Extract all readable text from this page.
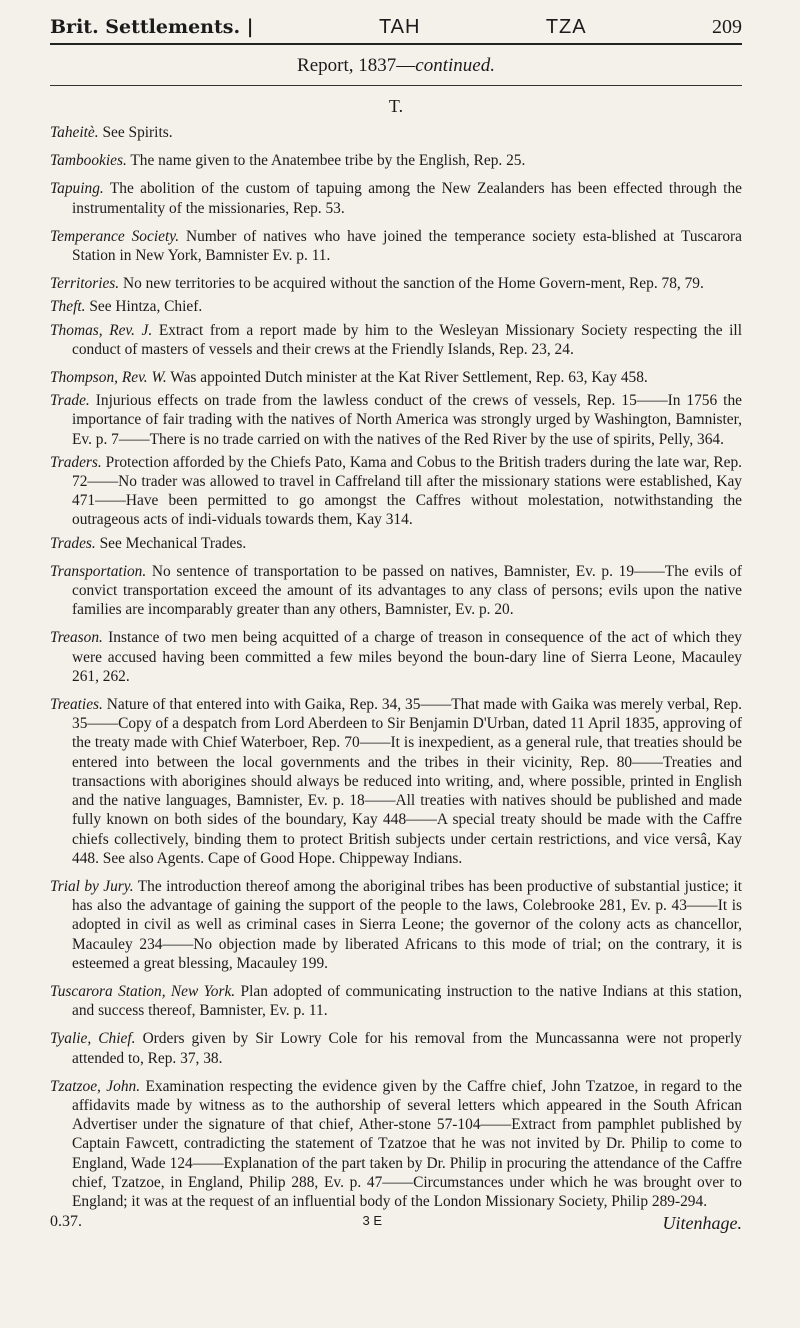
Brit. Settlements. |	TAH	TZA	209
Report, 1837—continued.
T.

Taheitè. See Spirits.

Tambookies. The name given to the Anatembee tribe by the English, Rep. 25.

Tapuing. The abolition of the custom of tapuing among the New Zealanders has been effected through the instrumentality of the missionaries, Rep. 53.

Temperance Society. Number of natives who have joined the temperance society esta-blished at Tuscarora Station in New York, Bamnister Ev. p. 11.

Territories. No new territories to be acquired without the sanction of the Home Govern-ment, Rep. 78, 79.

Theft. See Hintza, Chief.

Thomas, Rev. J. Extract from a report made by him to the Wesleyan Missionary Society respecting the ill conduct of masters of vessels and their crews at the Friendly Islands, Rep. 23, 24.

Thompson, Rev. W. Was appointed Dutch minister at the Kat River Settlement, Rep. 63, Kay 458.

Trade. Injurious effects on trade from the lawless conduct of the crews of vessels, Rep. 15——In 1756 the importance of fair trading with the natives of North America was strongly urged by Washington, Bamnister, Ev. p. 7——There is no trade carried on with the natives of the Red River by the use of spirits, Pelly, 364.

Traders. Protection afforded by the Chiefs Pato, Kama and Cobus to the British traders during the late war, Rep. 72——No trader was allowed to travel in Caffreland till after the missionary stations were established, Kay 471——Have been permitted to go amongst the Caffres without molestation, notwithstanding the outrageous acts of indi-viduals towards them, Kay 314.

Trades. See Mechanical Trades.

Transportation. No sentence of transportation to be passed on natives, Bamnister, Ev. p. 19——The evils of convict transportation exceed the amount of its advantages to any class of persons; evils upon the native families are incomparably greater than any others, Bamnister, Ev. p. 20.

Treason. Instance of two men being acquitted of a charge of treason in consequence of the act of which they were accused having been committed a few miles beyond the boun-dary line of Sierra Leone, Macauley 261, 262.

Treaties. Nature of that entered into with Gaika, Rep. 34, 35——That made with Gaika was merely verbal, Rep. 35——Copy of a despatch from Lord Aberdeen to Sir Benjamin D'Urban, dated 11 April 1835, approving of the treaty made with Chief Waterboer, Rep. 70——It is inexpedient, as a general rule, that treaties should be entered into between the local governments and the tribes in their vicinity, Rep. 80——Treaties and transactions with aborigines should always be reduced into writing, and, where possible, printed in English and the native languages, Bamnister, Ev. p. 18——All treaties with natives should be published and made fully known on both sides of the boundary, Kay 448——A special treaty should be made with the Caffre chiefs collectively, binding them to protect British subjects under certain restrictions, and vice versâ, Kay 448. See also Agents. Cape of Good Hope. Chippeway Indians.

Trial by Jury. The introduction thereof among the aboriginal tribes has been productive of substantial justice; it has also the advantage of gaining the support of the people to the laws, Colebrooke 281, Ev. p. 43——It is adopted in civil as well as criminal cases in Sierra Leone; the governor of the colony acts as chancellor, Macauley 234——No objection made by liberated Africans to this mode of trial; on the contrary, it is esteemed a great blessing, Macauley 199.

Tuscarora Station, New York. Plan adopted of communicating instruction to the native Indians at this station, and success thereof, Bamnister, Ev. p. 11.

Tyalie, Chief. Orders given by Sir Lowry Cole for his removal from the Muncassanna were not properly attended to, Rep. 37, 38.

Tzatzoe, John. Examination respecting the evidence given by the Caffre chief, John Tzatzoe, in regard to the affidavits made by witness as to the authorship of several letters which appeared in the South African Advertiser under the signature of that chief, Ather-stone 57-104——Extract from pamphlet published by Captain Fawcett, contradicting the statement of Tzatzoe that he was not invited by Dr. Philip to come to England, Wade 124——Explanation of the part taken by Dr. Philip in procuring the attendance of the Caffre chief, Tzatzoe, in England, Philip 288, Ev. p. 47——Circumstances under which he was brought over to England; it was at the request of an influential body of the London Missionary Society, Philip 289-294.

0.37.	3 E	Uitenhage.
